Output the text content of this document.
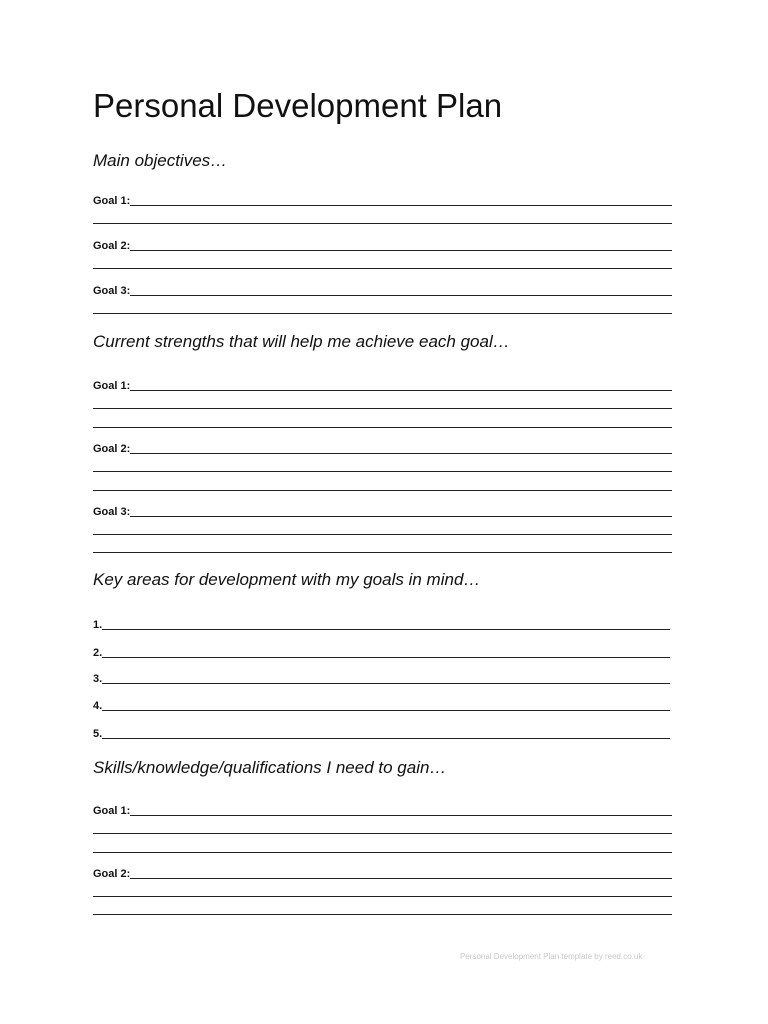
Personal Development Plan
Main objectives…
Goal 1:
Goal 2:
Goal 3:
Current strengths that will help me achieve each goal…
Goal 1:
Goal 2:
Goal 3:
Key areas for development with my goals in mind…
1.
2.
3.
4.
5.
Skills/knowledge/qualifications I need to gain…
Goal 1:
Goal 2:
Personal Development Plan template by reed.co.uk
